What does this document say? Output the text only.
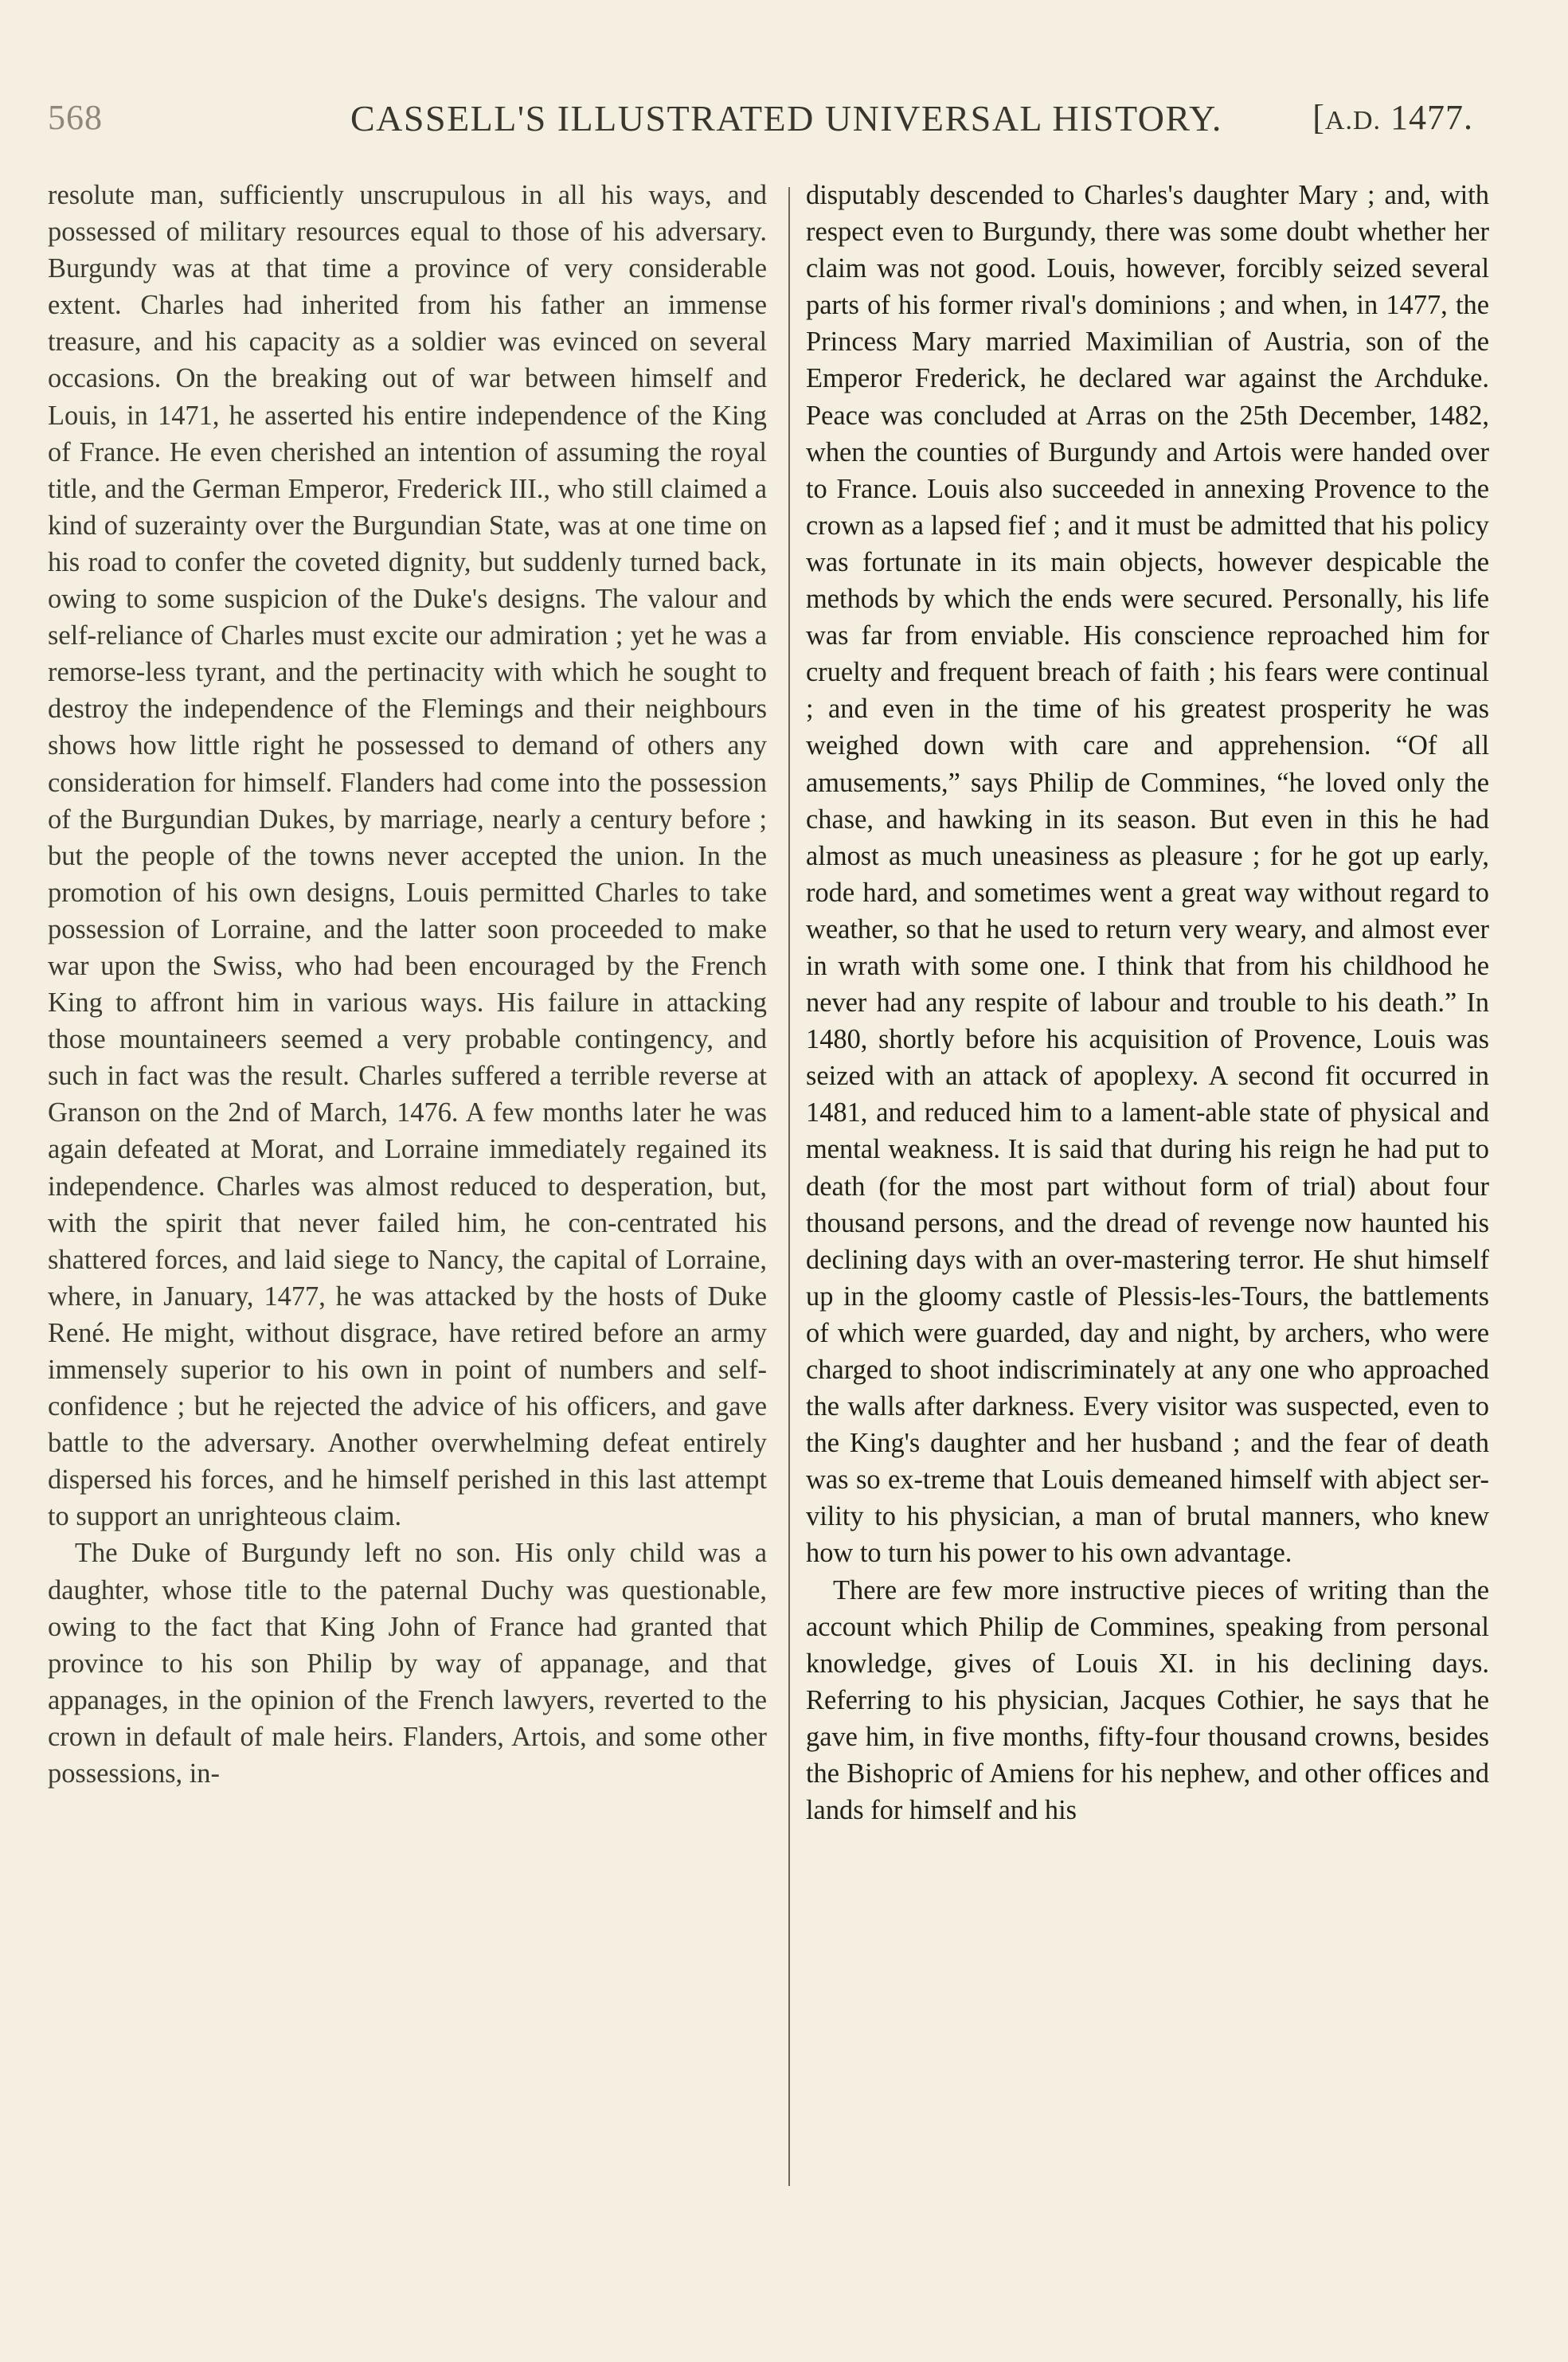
568	CASSELL'S ILLUSTRATED UNIVERSAL HISTORY.	[A.D. 1477.

resolute man, sufficiently unscrupulous in all his ways, and possessed of military resources equal to those of his adversary. Burgundy was at that time a province of very considerable extent. Charles had inherited from his father an immense treasure, and his capacity as a soldier was evinced on several occasions. On the breaking out of war between himself and Louis, in 1471, he asserted his entire independence of the King of France. He even cherished an intention of assuming the royal title, and the German Emperor, Frederick III., who still claimed a kind of suzerainty over the Burgundian State, was at one time on his road to confer the coveted dignity, but suddenly turned back, owing to some suspicion of the Duke's designs. The valour and self-reliance of Charles must excite our admiration ; yet he was a remorse-less tyrant, and the pertinacity with which he sought to destroy the independence of the Flemings and their neighbours shows how little right he possessed to demand of others any consideration for himself. Flanders had come into the possession of the Burgundian Dukes, by marriage, nearly a century before ; but the people of the towns never accepted the union. In the promotion of his own designs, Louis permitted Charles to take possession of Lorraine, and the latter soon proceeded to make war upon the Swiss, who had been encouraged by the French King to affront him in various ways. His failure in attacking those mountaineers seemed a very probable contingency, and such in fact was the result. Charles suffered a terrible reverse at Granson on the 2nd of March, 1476. A few months later he was again defeated at Morat, and Lorraine immediately regained its independence. Charles was almost reduced to desperation, but, with the spirit that never failed him, he con-centrated his shattered forces, and laid siege to Nancy, the capital of Lorraine, where, in January, 1477, he was attacked by the hosts of Duke René. He might, without disgrace, have retired before an army immensely superior to his own in point of numbers and self-confidence ; but he rejected the advice of his officers, and gave battle to the adversary. Another overwhelming defeat entirely dispersed his forces, and he himself perished in this last attempt to support an unrighteous claim.

The Duke of Burgundy left no son. His only child was a daughter, whose title to the paternal Duchy was questionable, owing to the fact that King John of France had granted that province to his son Philip by way of appanage, and that appanages, in the opinion of the French lawyers, reverted to the crown in default of male heirs. Flanders, Artois, and some other possessions, in-

disputably descended to Charles's daughter Mary ; and, with respect even to Burgundy, there was some doubt whether her claim was not good. Louis, however, forcibly seized several parts of his former rival's dominions ; and when, in 1477, the Princess Mary married Maximilian of Austria, son of the Emperor Frederick, he declared war against the Archduke. Peace was concluded at Arras on the 25th December, 1482, when the counties of Burgundy and Artois were handed over to France. Louis also succeeded in annexing Provence to the crown as a lapsed fief ; and it must be admitted that his policy was fortunate in its main objects, however despicable the methods by which the ends were secured. Personally, his life was far from enviable. His conscience reproached him for cruelty and frequent breach of faith ; his fears were continual ; and even in the time of his greatest prosperity he was weighed down with care and apprehension. “Of all amusements,” says Philip de Commines, “he loved only the chase, and hawking in its season. But even in this he had almost as much uneasiness as pleasure ; for he got up early, rode hard, and sometimes went a great way without regard to weather, so that he used to return very weary, and almost ever in wrath with some one. I think that from his childhood he never had any respite of labour and trouble to his death.” In 1480, shortly before his acquisition of Provence, Louis was seized with an attack of apoplexy. A second fit occurred in 1481, and reduced him to a lament-able state of physical and mental weakness. It is said that during his reign he had put to death (for the most part without form of trial) about four thousand persons, and the dread of revenge now haunted his declining days with an over-mastering terror. He shut himself up in the gloomy castle of Plessis-les-Tours, the battlements of which were guarded, day and night, by archers, who were charged to shoot indiscriminately at any one who approached the walls after darkness. Every visitor was suspected, even to the King's daughter and her husband ; and the fear of death was so ex-treme that Louis demeaned himself with abject ser-vility to his physician, a man of brutal manners, who knew how to turn his power to his own advantage.

There are few more instructive pieces of writing than the account which Philip de Commines, speaking from personal knowledge, gives of Louis XI. in his declining days. Referring to his physician, Jacques Cothier, he says that he gave him, in five months, fifty-four thousand crowns, besides the Bishopric of Amiens for his nephew, and other offices and lands for himself and his
